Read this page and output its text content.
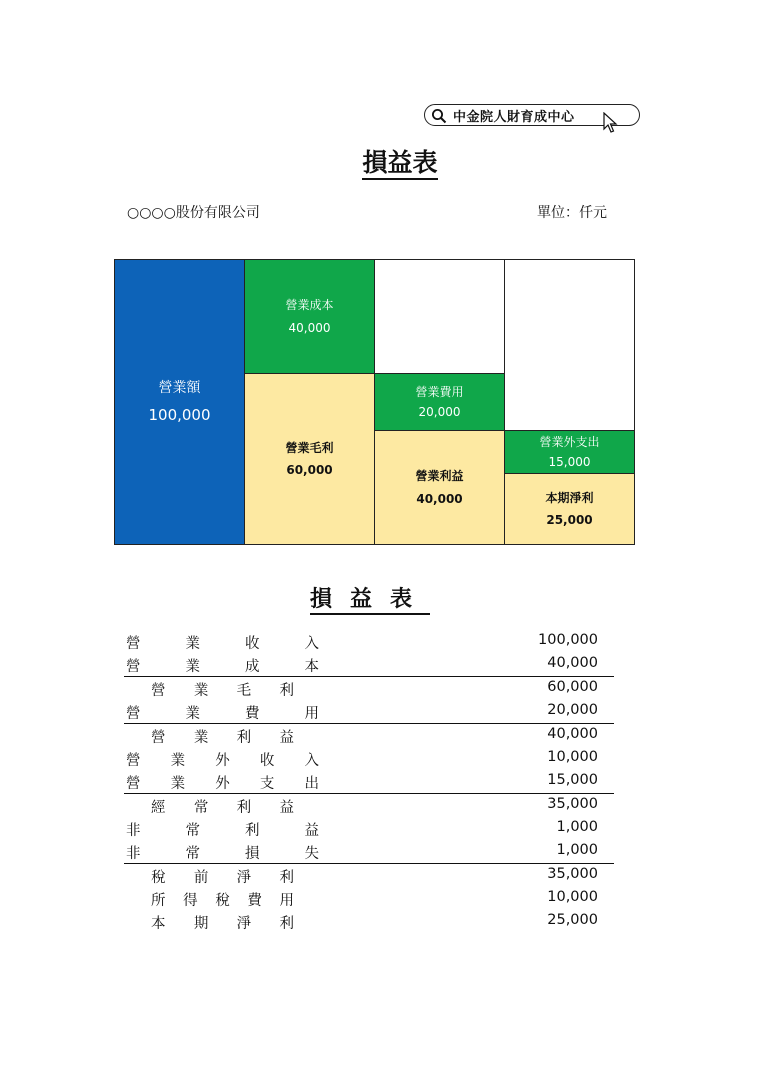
中金院人財育成中心
損益表
○○○○股份有限公司	單位：仟元
營業額
100,000
營業成本
40,000
營業毛利
60,000
營業費用
20,000
營業利益
40,000
營業外支出
15,000
本期淨利
25,000
損益表
營	業	收	入	100,000
營	業	成	本	40,000
營 業 毛 利	60,000
營	業	費	用	20,000
營 業 利 益	40,000
營 業 外 收 入	10,000
營 業 外 支 出	15,000
經 常 利 益	35,000
非	常	利	益	1,000
非	常	損	失	1,000
稅 前 淨 利	35,000
所 得 稅 費 用	10,000
本 期 淨 利	25,000
